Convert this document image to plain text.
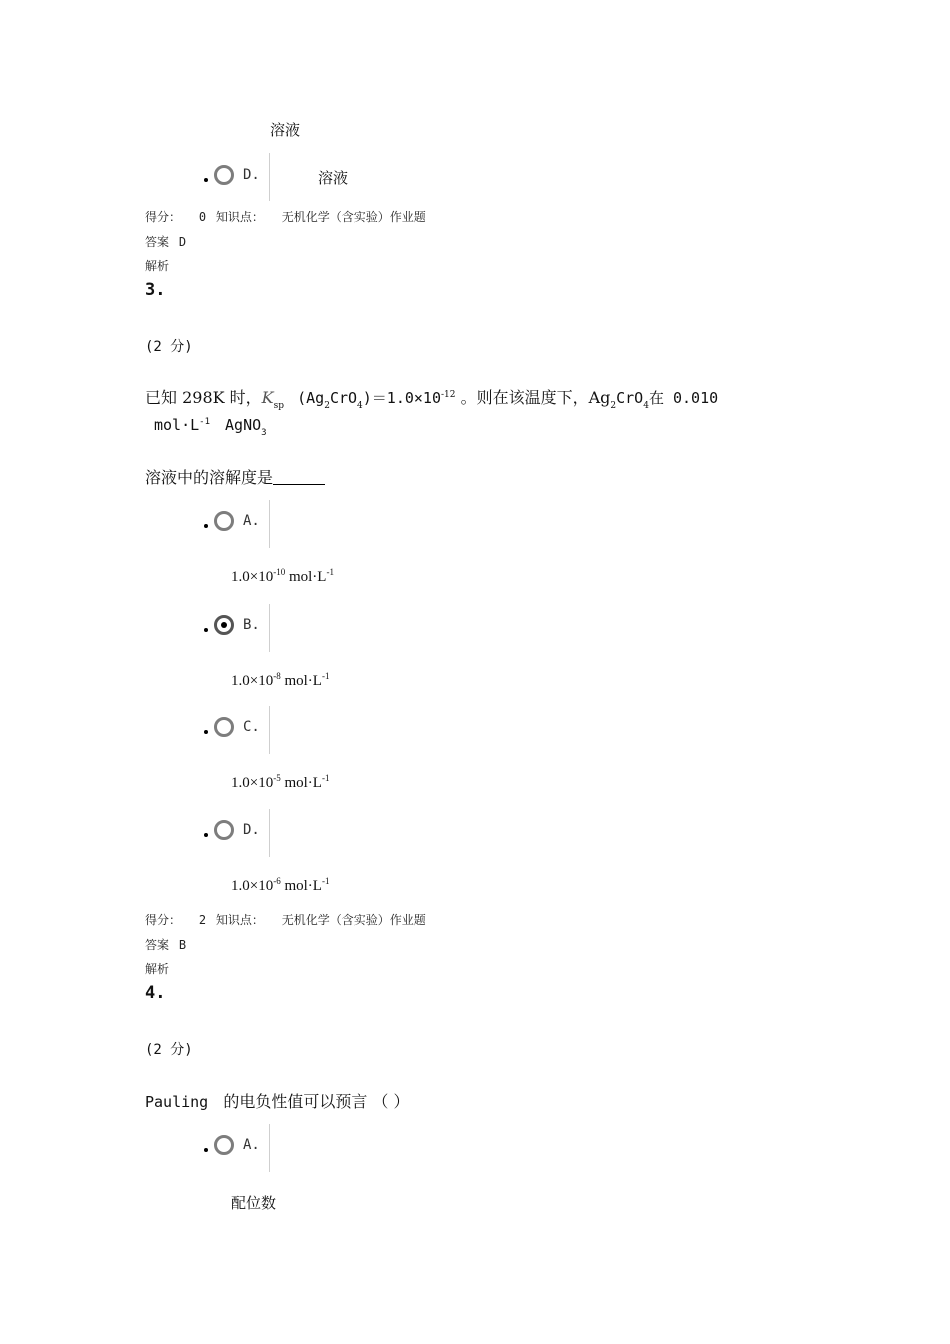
溶液
D.	溶液
得分： 0 知识点： 无机化学（含实验）作业题
答案 D
解析
3.
(2 分)
已知 298K 时，$K_{sp}$ $(Ag_2CrO_4)=1.0\times 10^{-12}$ 。则在该温度下，$Ag_2CrO_4$在 0.010
$mol\cdot L^{-1}$ AgNO$_3$
溶液中的溶解度是
A.
$1.0\times 10^{-10}$ $mol\cdot L^{-1}$
B.
$1.0\times 10^{-8}$ $mol\cdot L^{-1}$
C.
$1.0\times 10^{-5}$ $mol\cdot L^{-1}$
D.
$1.0\times 10^{-6}$ $mol\cdot L^{-1}$
得分： 2 知识点： 无机化学（含实验）作业题
答案 B
解析
4.
(2 分)
Pauling 的电负性值可以预言 （ ）
A.
配位数
